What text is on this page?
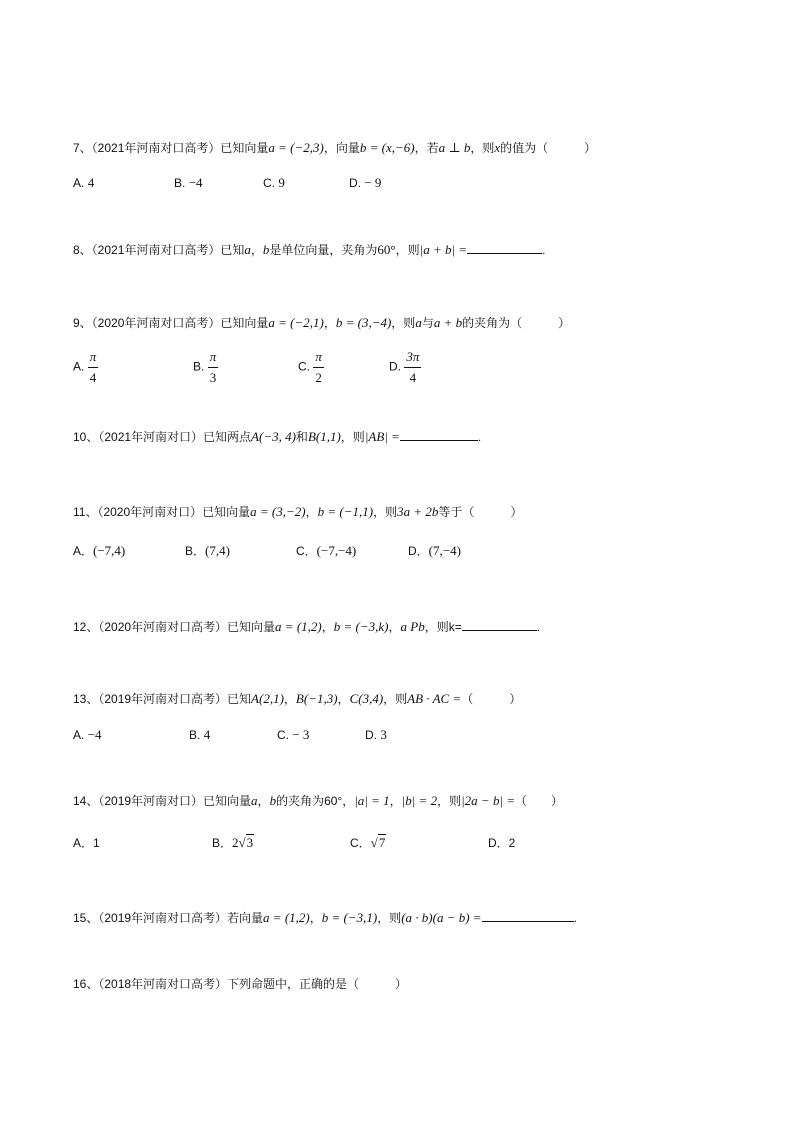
7、（2021年河南对口高考）已知向量a = (−2,3)，向量b = (x,−6)，若a ⊥ b，则x的值为（　　　）
A. 4	B. −4	C. 9	D. − 9
8、（2021年河南对口高考）已知a，b是单位向量，夹角为60°，则|a + b| =	.
9、（2020年河南对口高考）已知向量a = (−2,1)，b = (3,−4)，则a与a + b的夹角为（　　　）
A. $\frac{\pi}{4}$	B. $\frac{\pi}{3}$	C. $\frac{\pi}{2}$	D. $\frac{3\pi}{4}$
10、（2021年河南对口）已知两点A(−3, 4)和B(1,1)，则|AB| =	.
11、（2020年河南对口）已知向量a = (3,−2)，b = (−1,1)，则3a + 2b等于（　　　）
A．(−7,4)	B．(7,4)	C．(−7,−4)	D．(7,−4)
12、（2020年河南对口高考）已知向量a = (1,2)，b = (−3,k)，a Pb，则k=	.
13、（2019年河南对口高考）已知A(2,1)，B(−1,3)，C(3,4)，则AB · AC =（　　　）
A. −4	B. 4	C. − 3	D. 3
14、（2019年河南对口）已知向量a，b的夹角为60°，|a| = 1，|b| = 2，则|2a − b| =（　　）
A．1	B．2√3	C．√7	D．2
15、（2019年河南对口高考）若向量a = (1,2)，b = (−3,1)，则(a · b)(a − b) =	.
16、（2018年河南对口高考）下列命题中，正确的是（　　　）
